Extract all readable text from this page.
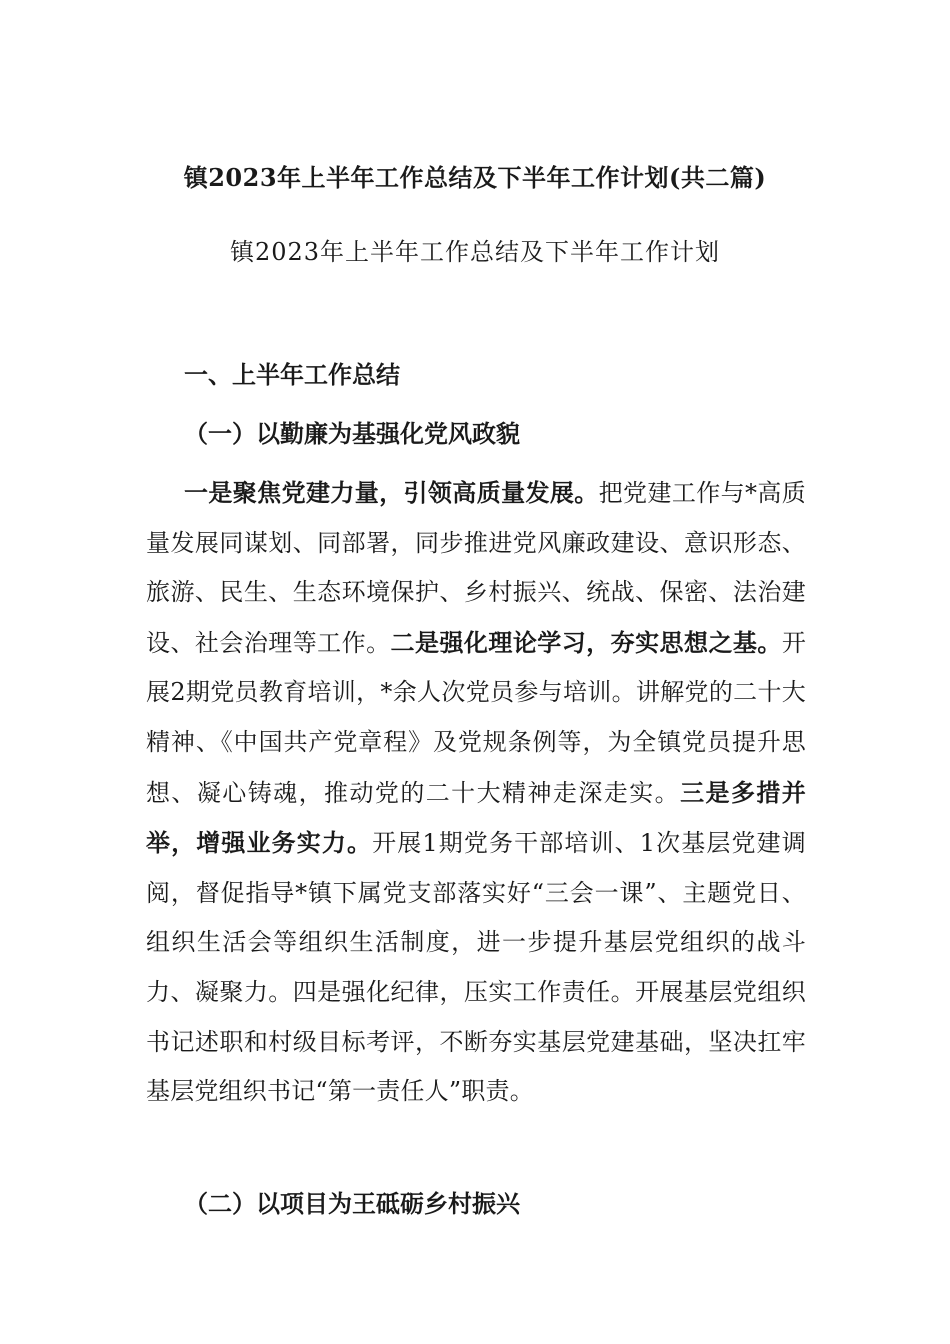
镇2023年上半年工作总结及下半年工作计划(共二篇)
镇2023年上半年工作总结及下半年工作计划
一、上半年工作总结
（一）以勤廉为基强化党风政貌
一是聚焦党建力量，引领高质量发展。把党建工作与*高质量发展同谋划、同部署，同步推进党风廉政建设、意识形态、旅游、民生、生态环境保护、乡村振兴、统战、保密、法治建设、社会治理等工作。二是强化理论学习，夯实思想之基。开展2期党员教育培训，*余人次党员参与培训。讲解党的二十大精神、《中国共产党章程》及党规条例等，为全镇党员提升思想、凝心铸魂，推动党的二十大精神走深走实。三是多措并举，增强业务实力。开展1期党务干部培训、1次基层党建调阅，督促指导*镇下属党支部落实好“三会一课”、主题党日、组织生活会等组织生活制度，进一步提升基层党组织的战斗力、凝聚力。四是强化纪律，压实工作责任。开展基层党组织书记述职和村级目标考评，不断夯实基层党建基础，坚决扛牢基层党组织书记“第一责任人”职责。
（二）以项目为王砥砺乡村振兴
